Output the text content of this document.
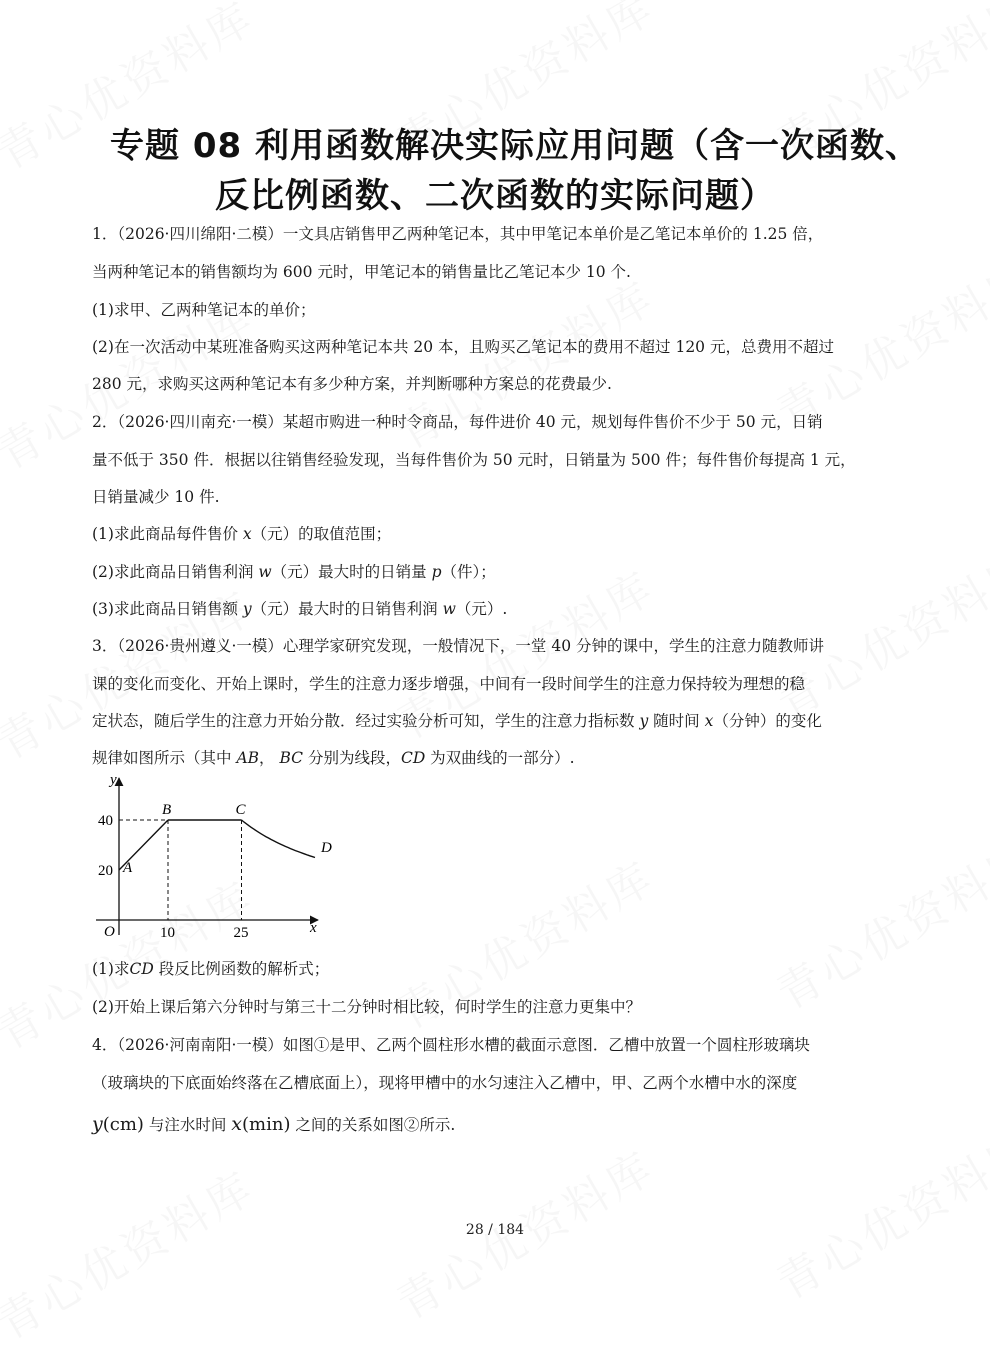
专题 08 利用函数解决实际应用问题（含一次函数、
反比例函数、二次函数的实际问题）
1．（2026·四川绵阳·二模）一文具店销售甲乙两种笔记本，其中甲笔记本单价是乙笔记本单价的 1.25 倍，
当两种笔记本的销售额均为 600 元时，甲笔记本的销售量比乙笔记本少 10 个.
(1)求甲、乙两种笔记本的单价；
(2)在一次活动中某班准备购买这两种笔记本共 20 本，且购买乙笔记本的费用不超过 120 元，总费用不超过
280 元，求购买这两种笔记本有多少种方案，并判断哪种方案总的花费最少.
2．（2026·四川南充·一模）某超市购进一种时令商品，每件进价 40 元，规划每件售价不少于 50 元，日销
量不低于 350 件．根据以往销售经验发现，当每件售价为 50 元时，日销量为 500 件；每件售价每提高 1 元，
日销量减少 10 件.
(1)求此商品每件售价 x（元）的取值范围；
(2)求此商品日销售利润 w（元）最大时的日销量 p（件）；
(3)求此商品日销售额 y（元）最大时的日销售利润 w（元）.
3．（2026·贵州遵义·一模）心理学家研究发现，一般情况下，一堂 40 分钟的课中，学生的注意力随教师讲
课的变化而变化、开始上课时，学生的注意力逐步增强，中间有一段时间学生的注意力保持较为理想的稳
定状态，随后学生的注意力开始分散．经过实验分析可知，学生的注意力指标数 y 随时间 x（分钟）的变化
规律如图所示（其中 AB， BC 分别为线段，CD 为双曲线的一部分）.
y
x
O	10	25
20
40
A
B	C
D
(1)求CD 段反比例函数的解析式；
(2)开始上课后第六分钟时与第三十二分钟时相比较，何时学生的注意力更集中？
4．（2026·河南南阳·一模）如图①是甲、乙两个圆柱形水槽的截面示意图．乙槽中放置一个圆柱形玻璃块
（玻璃块的下底面始终落在乙槽底面上），现将甲槽中的水匀速注入乙槽中，甲、乙两个水槽中水的深度
y(cm) 与注水时间 x(min) 之间的关系如图②所示.
28 / 184
